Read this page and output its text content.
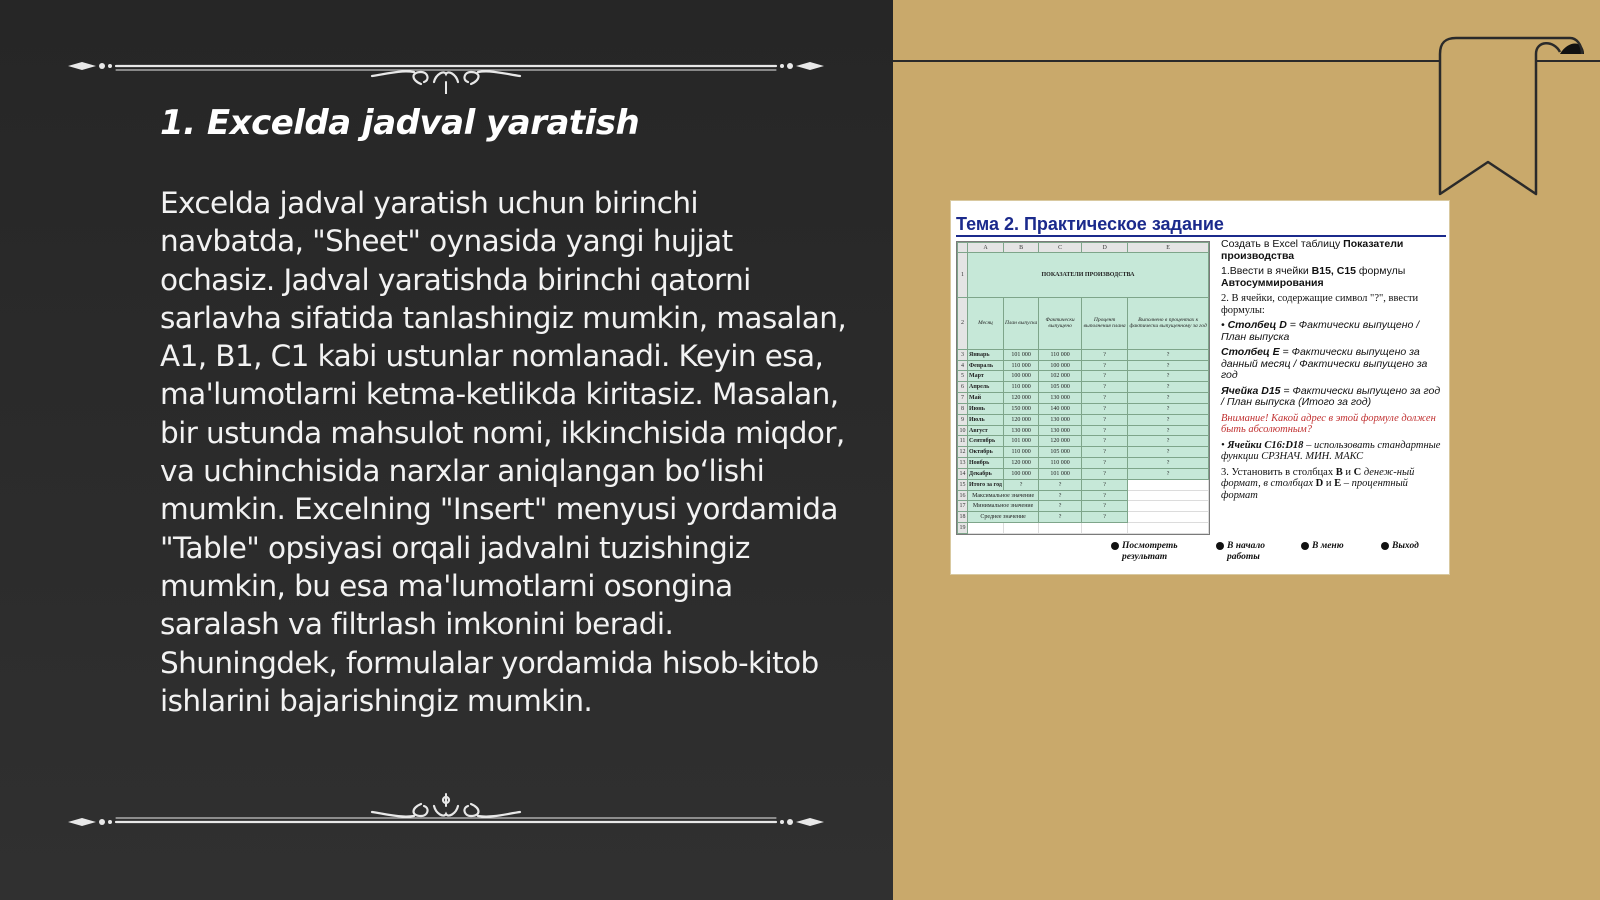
1. Excelda jadval yaratish
Excelda jadval yaratish uchun birinchi navbatda, "Sheet" oynasida yangi hujjat ochasiz. Jadval yaratishda birinchi qatorni sarlavha sifatida tanlashingiz mumkin, masalan, A1, B1, C1 kabi ustunlar nomlanadi. Keyin esa, ma'lumotlarni ketma-ketlikda kiritasiz. Masalan, bir ustunda mahsulot nomi, ikkinchisida miqdor, va uchinchisida narxlar aniqlangan bo‘lishi mumkin. Excelning "Insert" menyusi yordamida "Table" opsiyasi orqali jadvalni tuzishingiz mumkin, bu esa ma'lumotlarni osongina saralash va filtrlash imkonini beradi. Shuningdek, formulalar yordamida hisob-kitob ishlarini bajarishingiz mumkin.
Тема 2. Практическое задание
	A	B	C	D	E
1	ПОКАЗАТЕЛИ ПРОИЗВОДСТВА				
2	Месяц	План выпуска	Фактически выпущено	Процент выполнения плана	Выполнено в процентах к фактически выпущенному за год
3	Январь	101 000	110 000	?	?
4	Февраль	110 000	100 000	?	?
5	Март	100 000	102 000	?	?
6	Апрель	110 000	105 000	?	?
7	Май	120 000	130 000	?	?
8	Июнь	150 000	140 000	?	?
9	Июль	120 000	130 000	?	?
10	Август	130 000	130 000	?	?
11	Сентябрь	101 000	120 000	?	?
12	Октябрь	110 000	105 000	?	?
13	Ноябрь	120 000	110 000	?	?
14	Декабрь	100 000	101 000	?	?
15	Итого за год	?	?	?	
16	Максимальное значение		?	?	
17	Минимальное значение		?	?	
18	Среднее значение		?	?	
19					

Создать в Excel таблицу Показатели производства

1.Ввести в ячейки B15, C15 формулы Автосуммирования

2. В ячейки, содержащие символ "?", ввести формулы:

• Столбец D = Фактически выпущено / План выпуска

Столбец E = Фактически выпущено за данный месяц / Фактически выпущено за год

Ячейка D15 = Фактически выпущено за год / План выпуска (Итого за год)

Внимание! Какой адрес в этой формуле должен быть абсолютным?

• Ячейки C16:D18 – использовать стандартные функции СРЗНАЧ. МИН. МАКС

3. Установить в столбцах В и С денеж-ный формат, в столбцах D и E – процентный формат

Посмотреть результат
В начало работы
В меню	Выход
